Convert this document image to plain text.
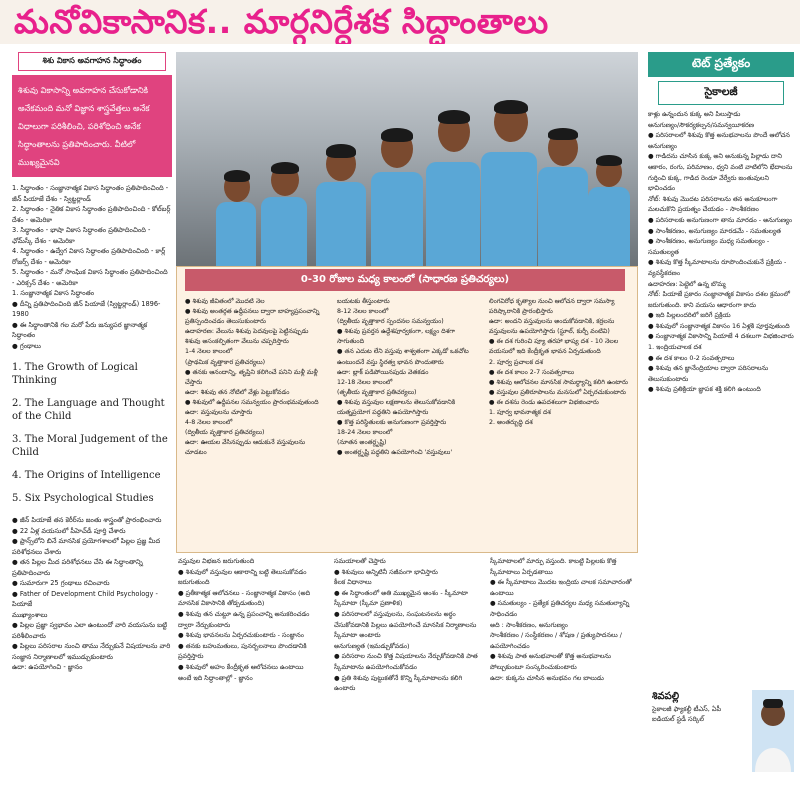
మనోవికాసానిక.. మార్గనిర్దేశక సిద్ధాంతాలు
శిశు వికాస అవగాహన సిద్ధాంతం

శిశువు వికాసాన్ని అవగాహన చేసుకోడానికి అనేకమంది మనో విజ్ఞాన శాస్త్రవేత్తలు అనేక విధాలుగా పరిశీలించి, పరిశోధించి అనేక సిద్ధాంతాలను ప్రతిపాదించారు. వీటిలో ముఖ్యమైనవి

1. సిద్ధాంతం - సంజ్ఞానాత్మక వికాస సిద్ధాంతం ప్రతిపాదించింది - జీన్ పియాజే దేశం - స్విట్జర్లాండ్

2. సిద్ధాంతం - నైతిక వికాస సిద్ధాంతం ప్రతిపాదించింది - కోల్‌బర్గ్ దేశం - అమెరికా

3. సిద్ధాంతం - భాషా వికాస సిద్ధాంతం ప్రతిపాదించింది - ఛోమ్‌స్కీ దేశం - అమెరికా

4. సిద్ధాంతం - ఉద్వేగ వికాస సిద్ధాంతం ప్రతిపాదించింది - కార్ల్ రోజర్స్ దేశం - అమెరికా

5. సిద్ధాంతం - మనో సాంఘిక వికాస సిద్ధాంతం ప్రతిపాదించింది - ఎరిక్సన్ దేశం - అమెరికా

1. సంజ్ఞానాత్మక వికాస సిద్ధాంతం

● దీన్ని ప్రతిపాదించింది జీన్ పియాజే (స్విట్జర్లాండ్) 1896-1980

● ఈ సిద్ధాంతానికి గల మరో పేరు జన్యుపర జ్ఞానాత్మక సిద్ధాంతం

● గ్రంథాలు

1. The Growth of Logical Thinking

2. The Language and Thought of the Child

3. The Moral Judgement of the Child

4. The Origins of Intelligence

5. Six Psychological Studies

● జీన్ పియాజే తన కెరీర్‌ను జంతు శాస్త్రంతో ప్రారంభించారు

● 22 ఏళ్ల వయసులో పీహెచ్‌డీ పూర్తి చేశారు

● ఫ్రాన్స్‌లోని బినే మానసిక ప్రయోగశాలలో పిల్లల ప్రజ్ఞ మీద పరిశోధనలు చేశారు

● తన పిల్లల మీద పరిశోధనలు చేసి ఈ సిద్ధాంతాన్ని ప్రతిపాదించారు

● సుమారుగా 25 గ్రంథాలు రచించారు

● Father of Development Child Psychology - పియాజే

ముఖ్యాంశాలు

● పిల్లల ప్రజ్ఞా స్వభావం ఎలా ఉంటుందో వారి వయసును బట్టి పరిశీలించారు

● పిల్లలు పరిసరాల నుంచి తాము నేర్చుకునే విషయాలను వారి సంజ్ఞాన నిర్మాణాలలో ఇముడ్చుకుంటారు

ఉదా: ఉపయోగించి - జ్ఞానం

టెట్ ప్రత్యేకం
సైకాలజీ

కాళ్లు ఉన్నందున కుక్క అని పిలుస్తాడు

అనుగుణ్యం/సౌకర్యకల్పన/సమన్వయీకరణ

● పరిసరాలలో శిశువు కొత్త అనుభవాలను పొందే ఆలోచన అనుగుణ్యం

● గాడిదను చూసిన కుక్క అని అనుకున్న పిల్లాడు దాని ఆకారం, రంగు, పరిమాణం, ధ్వని వంటి వాటిలోని భేదాలను గుర్తించి కుక్క, గాడిద రెండూ వేర్వేరు జంతువులని భావించడం

నోట్: శిశువు మొదట పరిసరాలను తన అనుకూలంగా మలచుకొని ప్రయత్నం చేయడం - సాంశీకరణం

● పరిసరాలకు అనుగుణంగా తాను మారడం - అనుగుణ్యం

● సాంశీకరణం, అనుగుణ్యం మారడమే - సమతుల్యత

● సాంశీకరణం, అనుగుణ్యం మధ్య సమతుల్యం - సమతుల్యత

● శిశువు కొత్త స్కీమాటాలను రూపొందించుకునే ప్రక్రియ - వ్యవస్థీకరణం

ఉదాహరణ: పెట్టెలో ఉన్న బొమ్మ

నోట్: పియాజే ప్రకారం సంజ్ఞానాత్మక వికాసం దశల క్రమంలో జరుగుతుంది. కాని వయసు ఆధారంగా కాదు

● ఇది పిల్లలందరిలో జరిగే ప్రక్రియ

● శిశువులో సంజ్ఞానాత్మక వికాసం 16 ఏళ్లకి పూర్తవుతుంది

● సంజ్ఞానాత్మక వికాసాన్ని పియాజే 4 దశలుగా విభజించారు

1. ఇంద్రియచాలక దశ

● ఈ దశ కాలం 0-2 సంవత్సరాలు

● శిశువు తన జ్ఞానేంద్రియాల ద్వారా పరిసరాలను తెలుసుకుంటారు

● శిశువు ప్రతిక్రియా జ్ఞాపక శక్తి కలిగి ఉంటుంది

0-30 రోజుల మధ్య కాలంలో (సాధారణ ప్రతిచర్యలు)

● శిశువు జీవితంలో మొదటి నెల

● శిశువు అంతర్గత ఉద్దీపనలు ద్వారా బాహ్యప్రపంచాన్ని ప్రతిస్పందించడం తెలుసుకుంటారు

ఉదాహరణ: వేలును శిశువు పెదవులపై పెట్టినప్పుడు శిశువు అసంకల్పితంగా వేలును చప్పరిస్తారు

1-4 నెలల కాలంలో

(ప్రాథమిక వృత్తాకార ప్రతిచర్యలు)

● తనకు ఆనందాన్ని, తృప్తిని కలిగించే పనిని మళ్లీ మళ్లీ చేస్తారు

ఉదా: శిశువు తన నోటిలో వేళ్లు పెట్టుకోవడం

● శిశువులో ఉద్దీపనల సమన్వయం ప్రారంభమవుతుంది

ఉదా: వస్తువులను చూస్తారు

4-8 నెలల కాలంలో

(ద్వితీయ వృత్తాకార ప్రతిచర్యలు)

ఉదా: ఊయల వేసినప్పుడు ఆడుకునే వస్తువులను చూడటం

బయటకు తీస్తుంటారు

8-12 నెలల కాలంలో

(ద్వితీయ వృత్తాకార స్పందనల సమన్వయం)

● శిశువు ప్రవర్తన ఉద్దేశపూర్వకంగా, లక్ష్యం దిశగా సాగుతుంది

● తన ఎదుట లేని వస్తువు శాశ్వతంగా ఎక్కడో ఒకచోట ఉంటుందనే వస్తు స్థిరత్వ భావన పొందుతారు

ఉదా: బ్లాక్ పడిపోయినపుడు వెతకడం

12-18 నెలల కాలంలో

(తృతీయ వృత్తాకార ప్రతిచర్యలు)

● శిశువు వస్తువుల లక్షణాలను తెలుసుకోవడానికి యత్నప్రయోగ పద్ధతిని ఉపయోగిస్తారు

● కొత్త పరిస్థితులకు అనుగుణంగా ప్రవర్తిస్తారు

18-24 నెలల కాలంలో

(నూతన అంతర్దృష్టి)

● అంతర్దృష్టి పద్ధతిని ఉపయోగించి 'వస్తువులు'

లింగవిరోధ కృత్యాల నుంచి ఆలోచన ద్వారా సమస్యా పరిష్కారానికి ప్రారంభిస్తారు

ఉదా: అందని వస్తువులను అందుకోవడానికి, కర్రలను వస్తువులను ఉపయోగిస్తారు (స్టూల్, కుర్చీ వంటివి)

● ఈ దశ గురించి ప్యూ తరహా భాష్య దశ - 10 నెలల వయసులో ఇది కేంద్రీకృత భావన ఏర్పడుతుంది

2. పూర్వ ప్రచాలక దశ

● ఈ దశ కాలం 2-7 సంవత్సరాలు

● శిశువు ఆలోచనల మానసిక సామర్థ్యాన్ని కలిగి ఉంటారు

● వస్తువుల ప్రతిరూపాలను మనసులో ఏర్పరచుకుంటారు

● ఈ దశను రెండు ఉపదశలుగా విభజించారు

1. పూర్వ భావనాత్మక దశ

2. అంతర్బుద్ధి దశ

వస్తువుల విభజన జరుగుతుంది

● శిశువులో వస్తువుల ఆకారాన్ని బట్టి తెలుసుకోవడం జరుగుతుంది

● ప్రతీకాత్మక ఆలోచనలు - సంజ్ఞానాత్మక వికాసం (అది మానసిక వికాసానికి తోడ్పడుతుంది)

● శిశువు తన చుట్టూ ఉన్న ప్రపంచాన్ని అనుకరించడం ద్వారా నేర్చుకుంటారు

● శిశువు భావనలను ఏర్పరచుకుంటారు - సంజ్ఞానం

● తనకు బహుమతులు, పునర్బలనాలు పొందడానికి ప్రవర్తిస్తారు

● శిశువులో అహం కేంద్రీకృత ఆలోచనలు ఉంటాయి

అంటే ఇది సిద్ధాంతాల్లో - జ్ఞానం

సమయాలతో చెప్తారు

● శిశువులు అన్నిటినీ సజీవంగా భావిస్తారు

కీలక విధానాలు

● ఈ సిద్ధాంతంలో అతి ముఖ్యమైన అంశం - స్కీమాటా

స్కీమాటా (స్కీమా ప్రణాళిక)

● పరిసరాలలో వస్తువులను, సంఘటనలను అర్థం చేసుకోవడానికి పిల్లలు ఉపయోగించే మానసిక నిర్మాణాలను స్కీమాటా అంటారు

అనుగుణ్యత (ఇమడ్చుకోవడం)

● పరిసరాల నుంచి కొత్త విషయాలను నేర్చుకోవడానికి పాత స్కీమాటాను ఉపయోగించుకోవడం

● ప్రతి శిశువు పుట్టుకతోనే కొన్ని స్కీమాటాలను కలిగి ఉంటారు

స్కీమాటాలలో మార్పు వస్తుంది. కాబట్టి పిల్లలకు కొత్త స్కీమాటాలు ఏర్పడతాయి

● ఈ స్కీమాటాలు మొదట ఇంద్రియ చాలక సమాచారంతో ఉంటాయి

● సమతుల్యం - ప్రత్యేక ప్రతిచర్యల మధ్య సమతుల్యాన్ని సాధించడం

అది : సాంశీకరణం, అనుగుణ్యం

సాంశీకరణం / సంస్థీకరణం / శోషణ / ప్రత్యుపాదనలు / ఉపయోగించడం

● శిశువు పాత అనుభవాలతో కొత్త అనుభవాలను పోల్చుకుంటూ సంస్కరించుకుంటారు

ఉదా: కుక్కను చూసిన అనుభవం గల బాలుడు

శివపల్లి
సైకాలజీ ఫ్యాకల్టీ టీఎస్, ఏపీ ఐడియల్ స్టడీ సర్కిల్
